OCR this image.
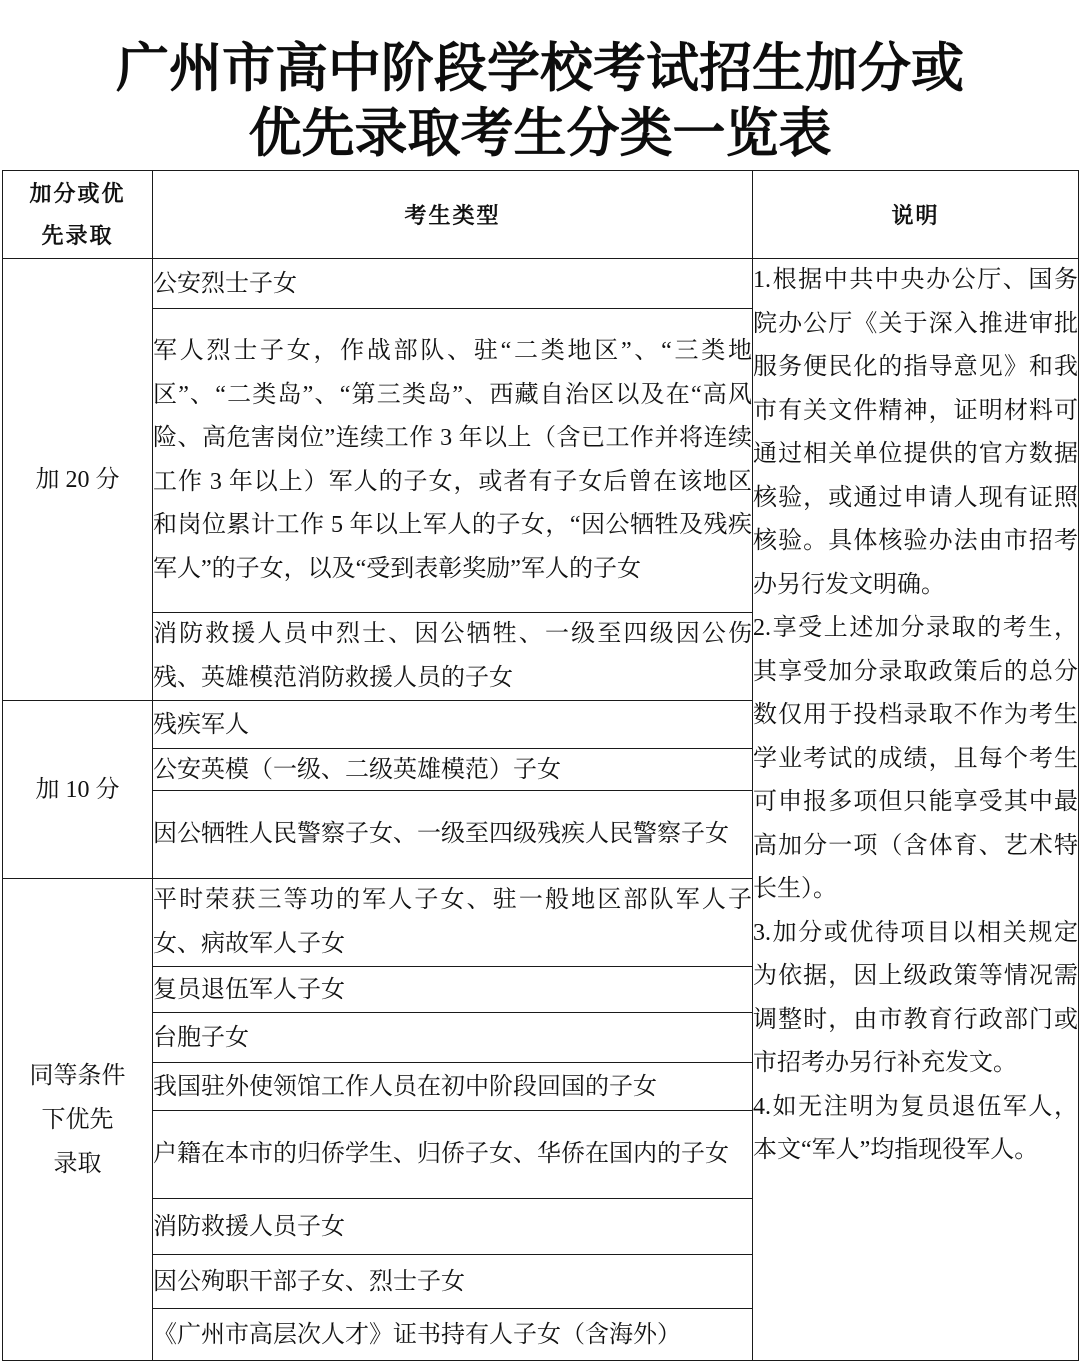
广州市高中阶段学校考试招生加分或
优先录取考生分类一览表
加分或优先录取	考生类型	说明
加 20 分	公安烈士子女	1.根据中共中央办公厅、国务院办公厅《关于深入推进审批服务便民化的指导意见》和我市有关文件精神，证明材料可通过相关单位提供的官方数据核验，或通过申请人现有证照核验。具体核验办法由市招考办另行发文明确。

2.享受上述加分录取的考生，其享受加分录取政策后的总分数仅用于投档录取不作为考生学业考试的成绩，且每个考生可申报多项但只能享受其中最高加分一项（含体育、艺术特长生）。

3.加分或优待项目以相关规定为依据，因上级政策等情况需调整时，由市教育行政部门或市招考办另行补充发文。

4.如无注明为复员退伍军人，本文“军人”均指现役军人。

	军人烈士子女，作战部队、驻“二类地区”、“三类地区”、“二类岛”、“第三类岛”、西藏自治区以及在“高风险、高危害岗位”连续工作 3 年以上（含已工作并将连续工作 3 年以上）军人的子女，或者有子女后曾在该地区和岗位累计工作 5 年以上军人的子女，“因公牺牲及残疾军人”的子女，以及“受到表彰奖励”军人的子女	
	消防救援人员中烈士、因公牺牲、一级至四级因公伤残、英雄模范消防救援人员的子女	
加 10 分	残疾军人	
	公安英模（一级、二级英雄模范）子女	
	因公牺牲人民警察子女、一级至四级残疾人民警察子女	
同等条件
下优先
录取	平时荣获三等功的军人子女、驻一般地区部队军人子女、病故军人子女	
	复员退伍军人子女	
	台胞子女	
	我国驻外使领馆工作人员在初中阶段回国的子女	
	户籍在本市的归侨学生、归侨子女、华侨在国内的子女	
	消防救援人员子女	
	因公殉职干部子女、烈士子女	
	《广州市高层次人才》证书持有人子女（含海外）	
